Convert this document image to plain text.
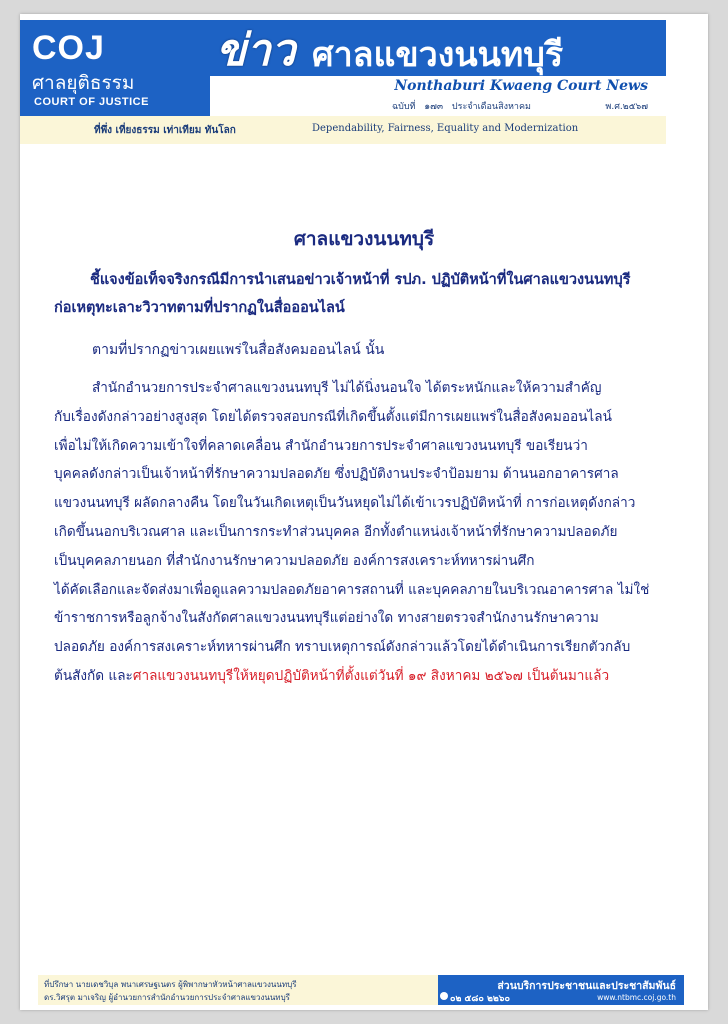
COJ
ศาลยุติธรรม
COURT OF JUSTICE
ข่าว ศาลแขวงนนทบุรี
Nonthaburi Kwaeng Court News
ฉบับที่ ๑๗๓ ประจำเดือนสิงหาคม	พ.ศ.๒๕๖๗
ที่พึ่ง เที่ยงธรรม เท่าเทียม ทันโลก	Dependability, Fairness, Equality and Modernization
ศาลแขวงนนทบุรี
ชี้แจงข้อเท็จจริงกรณีมีการนำเสนอข่าวเจ้าหน้าที่ รปภ. ปฏิบัติหน้าที่ในศาลแขวงนนทบุรี
ก่อเหตุทะเลาะวิวาทตามที่ปรากฏในสื่อออนไลน์
ตามที่ปรากฏข่าวเผยแพร่ในสื่อสังคมออนไลน์ นั้น
สำนักอำนวยการประจำศาลแขวงนนทบุรี ไม่ได้นิ่งนอนใจ ได้ตระหนักและให้ความสำคัญ
กับเรื่องดังกล่าวอย่างสูงสุด โดยได้ตรวจสอบกรณีที่เกิดขึ้นตั้งแต่มีการเผยแพร่ในสื่อสังคมออนไลน์
เพื่อไม่ให้เกิดความเข้าใจที่คลาดเคลื่อน สำนักอำนวยการประจำศาลแขวงนนทบุรี ขอเรียนว่า
บุคคลดังกล่าวเป็นเจ้าหน้าที่รักษาความปลอดภัย ซึ่งปฏิบัติงานประจำป้อมยาม ด้านนอกอาคารศาล
แขวงนนทบุรี ผลัดกลางคืน โดยในวันเกิดเหตุเป็นวันหยุดไม่ได้เข้าเวรปฏิบัติหน้าที่ การก่อเหตุดังกล่าว
เกิดขึ้นนอกบริเวณศาล และเป็นการกระทำส่วนบุคคล อีกทั้งตำแหน่งเจ้าหน้าที่รักษาความปลอดภัย
เป็นบุคคลภายนอก ที่สำนักงานรักษาความปลอดภัย องค์การสงเคราะห์ทหารผ่านศึก
ได้คัดเลือกและจัดส่งมาเพื่อดูแลความปลอดภัยอาคารสถานที่ และบุคคลภายในบริเวณอาคารศาล ไม่ใช่
ข้าราชการหรือลูกจ้างในสังกัดศาลแขวงนนทบุรีแต่อย่างใด ทางสายตรวจสำนักงานรักษาความ
ปลอดภัย องค์การสงเคราะห์ทหารผ่านศึก ทราบเหตุการณ์ดังกล่าวแล้วโดยได้ดำเนินการเรียกตัวกลับ
ต้นสังกัด และศาลแขวงนนทบุรีให้หยุดปฏิบัติหน้าที่ตั้งแต่วันที่ ๑๙ สิงหาคม ๒๕๖๗ เป็นต้นมาแล้ว
ที่ปรึกษา นายเดชวิบุล พนาเศรษฐเนตร ผู้พิพากษาหัวหน้าศาลแขวงนนทบุรี
ดร.วิศรุต มาเจริญ ผู้อำนวยการสำนักอำนวยการประจำศาลแขวงนนทบุรี
ส่วนบริการประชาชนและประชาสัมพันธ์
๐๒ ๕๘๐ ๒๒๖๐	www.ntbmc.coj.go.th
